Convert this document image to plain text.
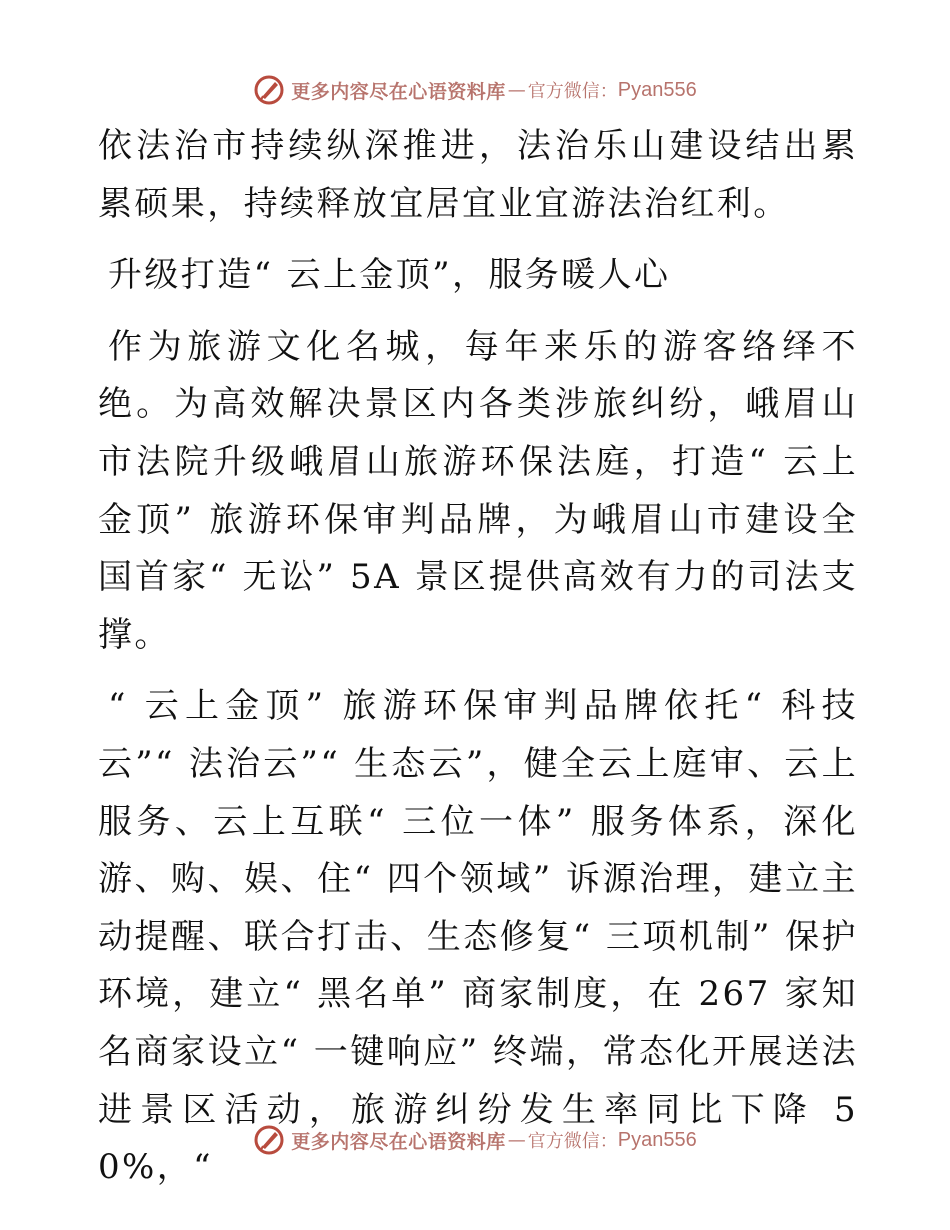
更多内容尽在心语资料库 — 官方微信： Pyan556

依法治市持续纵深推进，法治乐山建设结出累累硕果，持续释放宜居宜业宜游法治红利。

升级打造“ 云上金顶”，服务暖人心

作为旅游文化名城，每年来乐的游客络绎不绝。为高效解决景区内各类涉旅纠纷，峨眉山市法院升级峨眉山旅游环保法庭，打造“ 云上金顶” 旅游环保审判品牌，为峨眉山市建设全国首家“ 无讼” 5A 景区提供高效有力的司法支撑。

“ 云上金顶” 旅游环保审判品牌依托“ 科技云”“ 法治云”“ 生态云”，健全云上庭审、云上服务、云上互联“ 三位一体” 服务体系，深化游、购、娱、住“ 四个领域” 诉源治理，建立主动提醒、联合打击、生态修复“ 三项机制” 保护环境，建立“ 黑名单” 商家制度，在 267 家知名商家设立“ 一键响应” 终端，常态化开展送法进景区活动，旅游纠纷发生率同比下降 50%，“

更多内容尽在心语资料库 — 官方微信： Pyan556
